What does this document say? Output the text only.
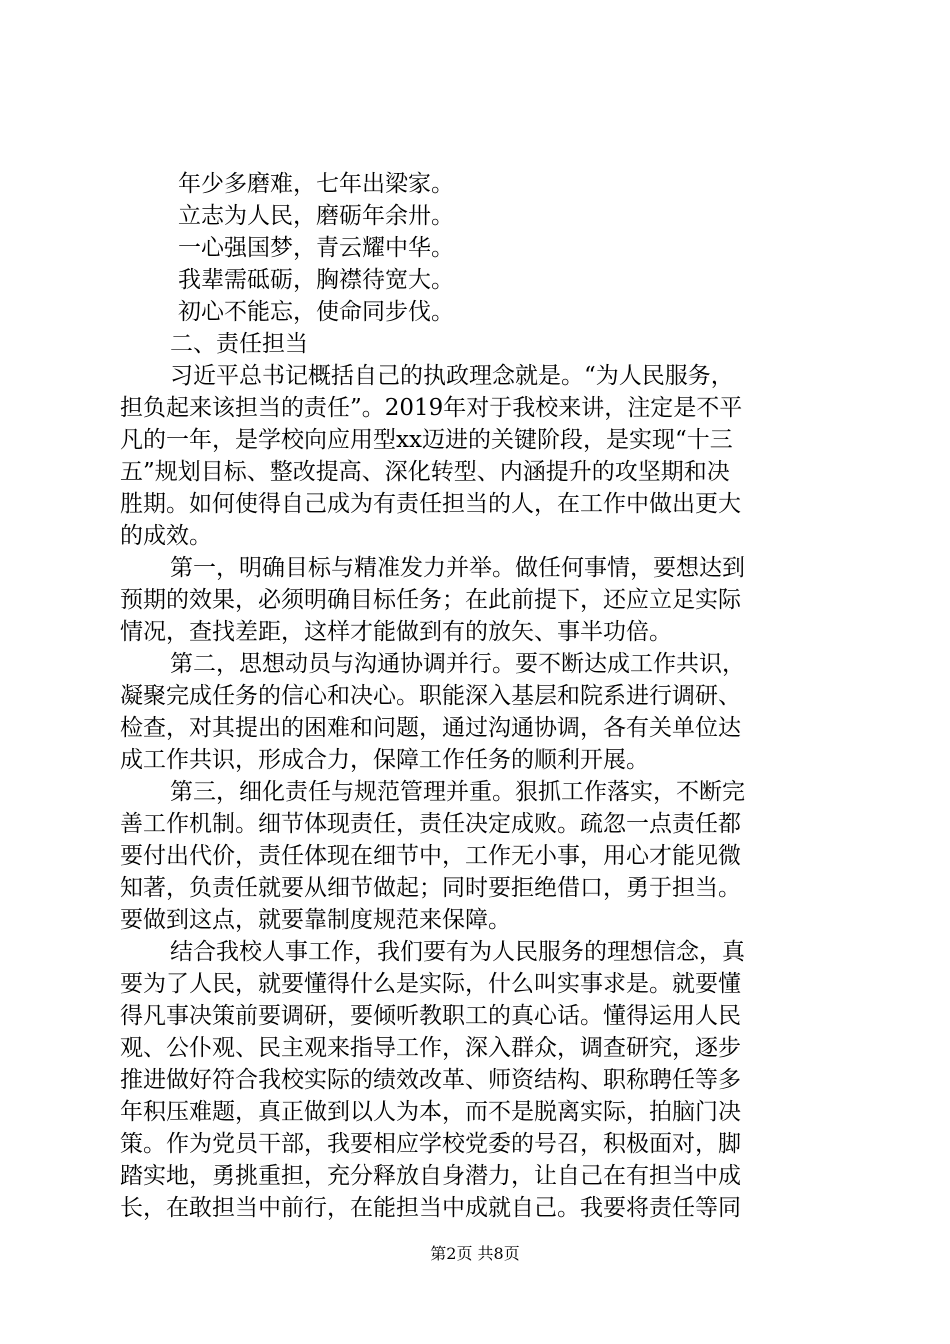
年少多磨难，七年出梁家。
立志为人民，磨砺年余卅。
一心强国梦，青云耀中华。
我辈需砥砺，胸襟待宽大。
初心不能忘，使命同步伐。
二、责任担当
习近平总书记概括自己的执政理念就是。“为人民服务，
担负起来该担当的责任”。2019年对于我校来讲，注定是不平
凡的一年，是学校向应用型xx迈进的关键阶段，是实现“十三
五”规划目标、整改提高、深化转型、内涵提升的攻坚期和决
胜期。如何使得自己成为有责任担当的人，在工作中做出更大
的成效。
第一，明确目标与精准发力并举。做任何事情，要想达到
预期的效果，必须明确目标任务；在此前提下，还应立足实际
情况，查找差距，这样才能做到有的放矢、事半功倍。
第二，思想动员与沟通协调并行。要不断达成工作共识，
凝聚完成任务的信心和决心。职能深入基层和院系进行调研、
检查，对其提出的困难和问题，通过沟通协调，各有关单位达
成工作共识，形成合力，保障工作任务的顺利开展。
第三，细化责任与规范管理并重。狠抓工作落实，不断完
善工作机制。细节体现责任，责任决定成败。疏忽一点责任都
要付出代价，责任体现在细节中，工作无小事，用心才能见微
知著，负责任就要从细节做起；同时要拒绝借口，勇于担当。
要做到这点，就要靠制度规范来保障。
结合我校人事工作，我们要有为人民服务的理想信念，真
要为了人民，就要懂得什么是实际，什么叫实事求是。就要懂
得凡事决策前要调研，要倾听教职工的真心话。懂得运用人民
观、公仆观、民主观来指导工作，深入群众，调查研究，逐步
推进做好符合我校实际的绩效改革、师资结构、职称聘任等多
年积压难题，真正做到以人为本，而不是脱离实际，拍脑门决
策。作为党员干部，我要相应学校党委的号召，积极面对，脚
踏实地，勇挑重担，充分释放自身潜力，让自己在有担当中成
长，在敢担当中前行，在能担当中成就自己。我要将责任等同
第2页 共8页
